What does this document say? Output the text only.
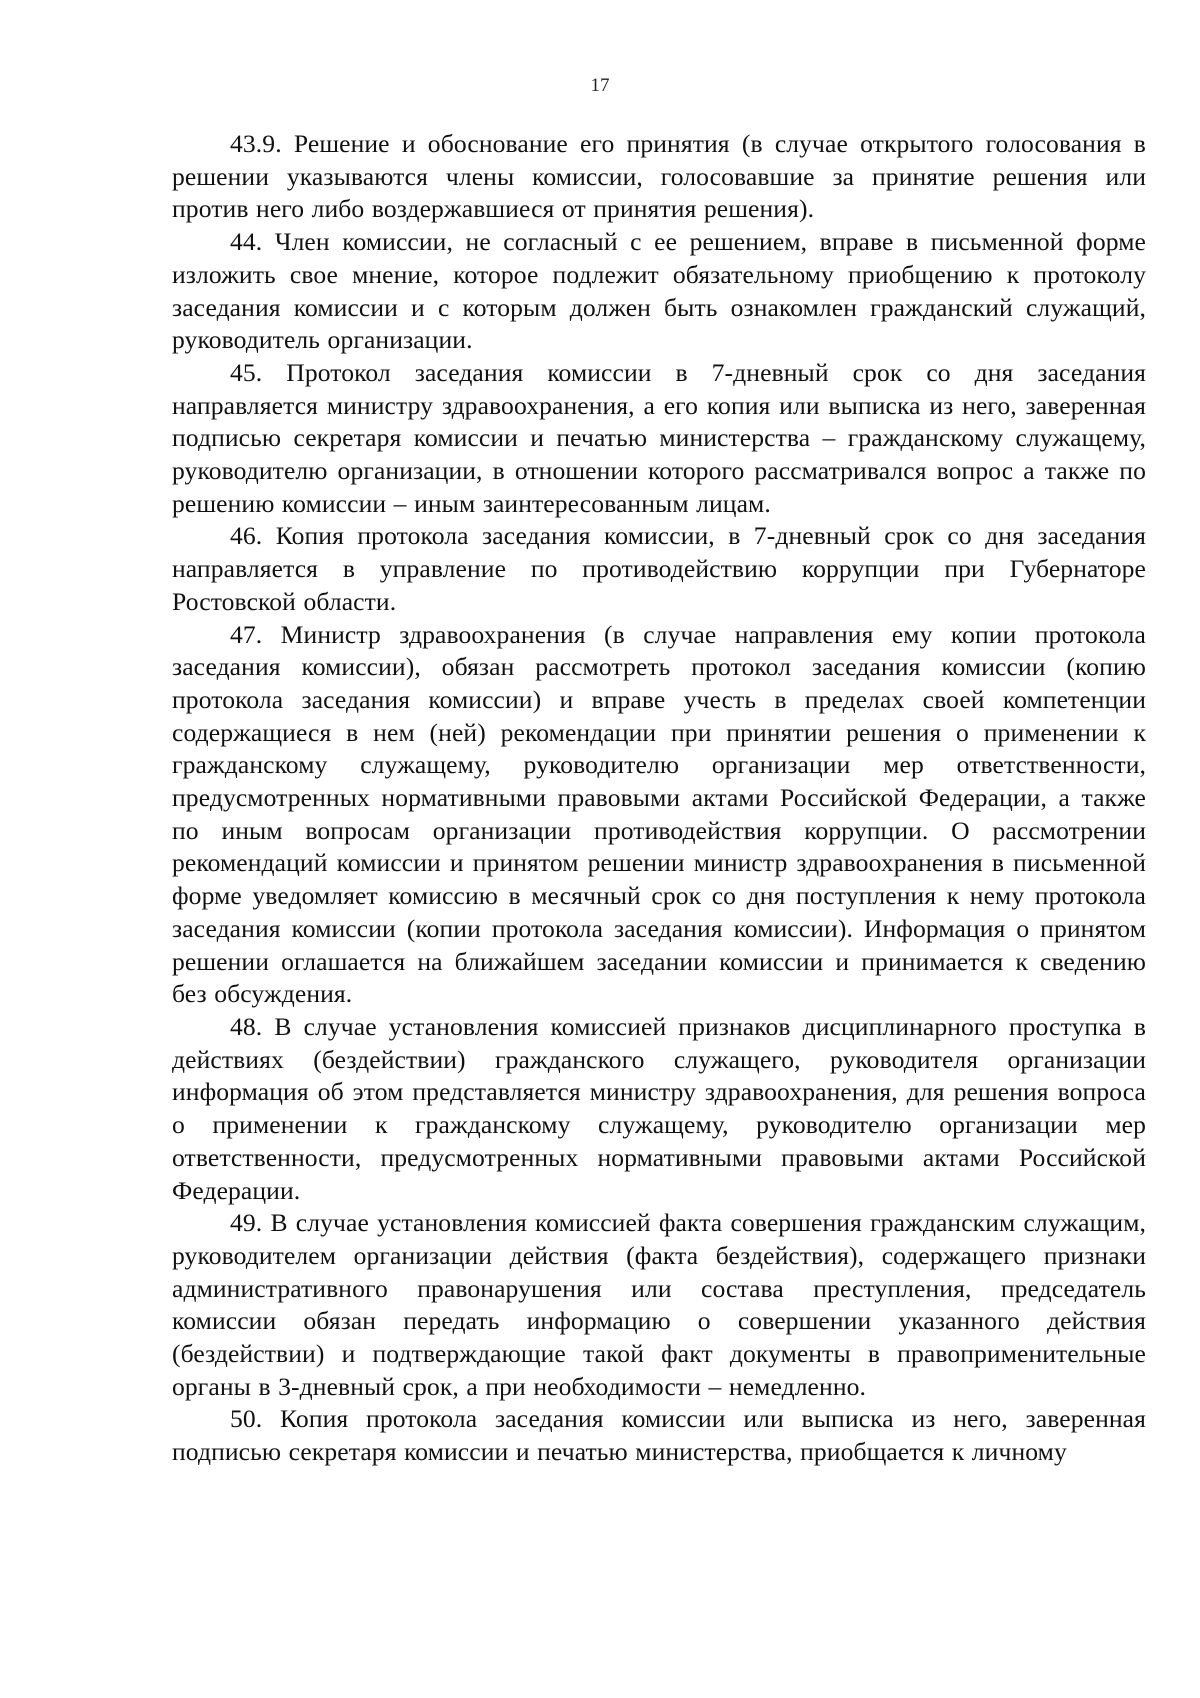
17

43.9. Решение и обоснование его принятия (в случае открытого голосования в решении указываются члены комиссии, голосовавшие за принятие решения или против него либо воздержавшиеся от принятия решения).

44. Член комиссии, не согласный с ее решением, вправе в письменной форме изложить свое мнение, которое подлежит обязательному приобщению к протоколу заседания комиссии и с которым должен быть ознакомлен гражданский служащий, руководитель организации.

45. Протокол заседания комиссии в 7-дневный срок со дня заседания направляется министру здравоохранения, а его копия или выписка из него, заверенная подписью секретаря комиссии и печатью министерства – гражданскому служащему, руководителю организации, в отношении которого рассматривался вопрос а также по решению комиссии – иным заинтересованным лицам.

46. Копия протокола заседания комиссии, в 7-дневный срок со дня заседания направляется в управление по противодействию коррупции при Губернаторе Ростовской области.

47. Министр здравоохранения (в случае направления ему копии протокола заседания комиссии), обязан рассмотреть протокол заседания комиссии (копию протокола заседания комиссии) и вправе учесть в пределах своей компетенции содержащиеся в нем (ней) рекомендации при принятии решения о применении к гражданскому служащему, руководителю организации мер ответственности, предусмотренных нормативными правовыми актами Российской Федерации, а также по иным вопросам организации противодействия коррупции. О рассмотрении рекомендаций комиссии и принятом решении министр здравоохранения в письменной форме уведомляет комиссию в месячный срок со дня поступления к нему протокола заседания комиссии (копии протокола заседания комиссии). Информация о принятом решении оглашается на ближайшем заседании комиссии и принимается к сведению без обсуждения.

48. В случае установления комиссией признаков дисциплинарного проступка в действиях (бездействии) гражданского служащего, руководителя организации информация об этом представляется министру здравоохранения, для решения вопроса о применении к гражданскому служащему, руководителю организации мер ответственности, предусмотренных нормативными правовыми актами Российской Федерации.

49. В случае установления комиссией факта совершения гражданским служащим, руководителем организации действия (факта бездействия), содержащего признаки административного правонарушения или состава преступления, председатель комиссии обязан передать информацию о совершении указанного действия (бездействии) и подтверждающие такой факт документы в правоприменительные органы в 3-дневный срок, а при необходимости – немедленно.

50. Копия протокола заседания комиссии или выписка из него, заверенная подписью секретаря комиссии и печатью министерства, приобщается к личному
